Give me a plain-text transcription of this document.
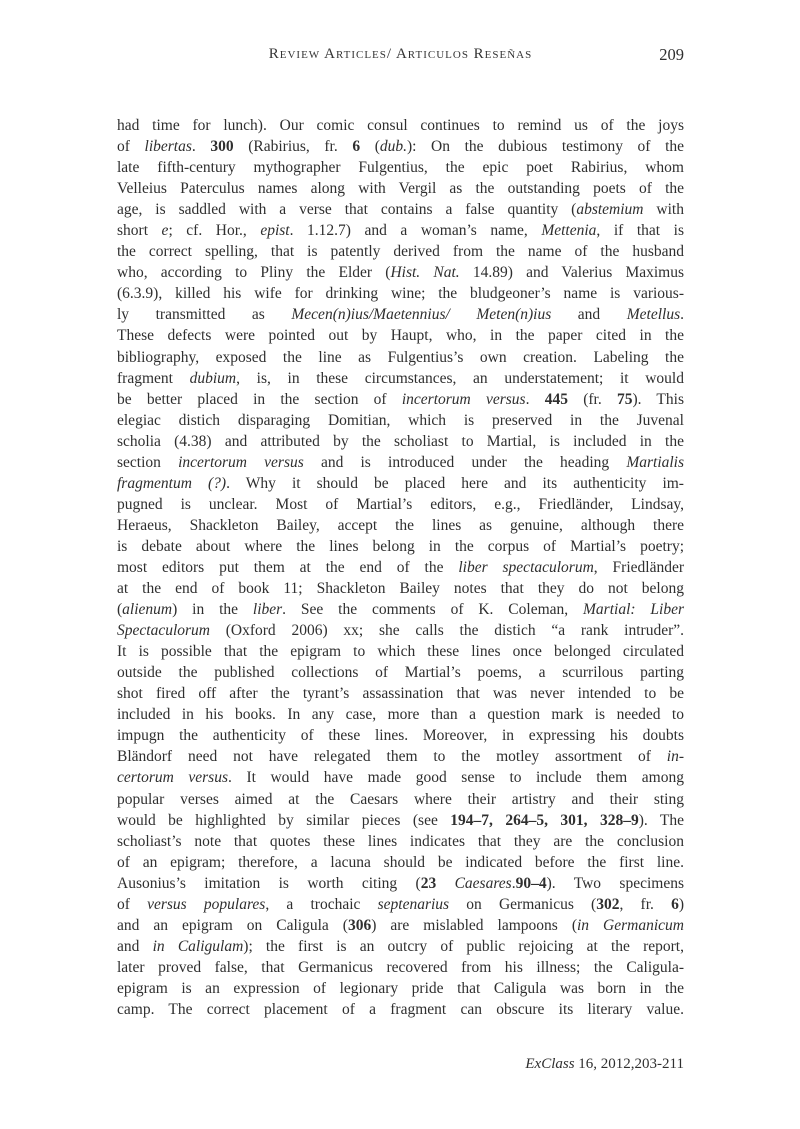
Review Articles/ Articulos Reseñas	209
had time for lunch). Our comic consul continues to remind us of the joys
of libertas. 300 (Rabirius, fr. 6 (dub.): On the dubious testimony of the
late fifth-century mythographer Fulgentius, the epic poet Rabirius, whom
Velleius Paterculus names along with Vergil as the outstanding poets of the
age, is saddled with a verse that contains a false quantity (abstemium with
short e; cf. Hor., epist. 1.12.7) and a woman’s name, Mettenia, if that is
the correct spelling, that is patently derived from the name of the husband
who, according to Pliny the Elder (Hist. Nat. 14.89) and Valerius Maximus
(6.3.9), killed his wife for drinking wine; the bludgeoner’s name is various-
ly transmitted as Mecen(n)ius/Maetennius/ Meten(n)ius and Metellus.
These defects were pointed out by Haupt, who, in the paper cited in the
bibliography, exposed the line as Fulgentius’s own creation. Labeling the
fragment dubium, is, in these circumstances, an understatement; it would
be better placed in the section of incertorum versus. 445 (fr. 75). This
elegiac distich disparaging Domitian, which is preserved in the Juvenal
scholia (4.38) and attributed by the scholiast to Martial, is included in the
section incertorum versus and is introduced under the heading Martialis
fragmentum (?). Why it should be placed here and its authenticity im-
pugned is unclear. Most of Martial’s editors, e.g., Friedländer, Lindsay,
Heraeus, Shackleton Bailey, accept the lines as genuine, although there
is debate about where the lines belong in the corpus of Martial’s poetry;
most editors put them at the end of the liber spectaculorum, Friedländer
at the end of book 11; Shackleton Bailey notes that they do not belong
(alienum) in the liber. See the comments of K. Coleman, Martial: Liber
Spectaculorum (Oxford 2006) xx; she calls the distich “a rank intruder”.
It is possible that the epigram to which these lines once belonged circulated
outside the published collections of Martial’s poems, a scurrilous parting
shot fired off after the tyrant’s assassination that was never intended to be
included in his books. In any case, more than a question mark is needed to
impugn the authenticity of these lines. Moreover, in expressing his doubts
Bländorf need not have relegated them to the motley assortment of in-
certorum versus. It would have made good sense to include them among
popular verses aimed at the Caesars where their artistry and their sting
would be highlighted by similar pieces (see 194–7, 264–5, 301, 328–9). The
scholiast’s note that quotes these lines indicates that they are the conclusion
of an epigram; therefore, a lacuna should be indicated before the first line.
Ausonius’s imitation is worth citing (23 Caesares.90–4). Two specimens
of versus populares, a trochaic septenarius on Germanicus (302, fr. 6)
and an epigram on Caligula (306) are mislabled lampoons (in Germanicum
and in Caligulam); the first is an outcry of public rejoicing at the report,
later proved false, that Germanicus recovered from his illness; the Caligula-
epigram is an expression of legionary pride that Caligula was born in the
camp. The correct placement of a fragment can obscure its literary value.
ExClass 16, 2012,203-211
